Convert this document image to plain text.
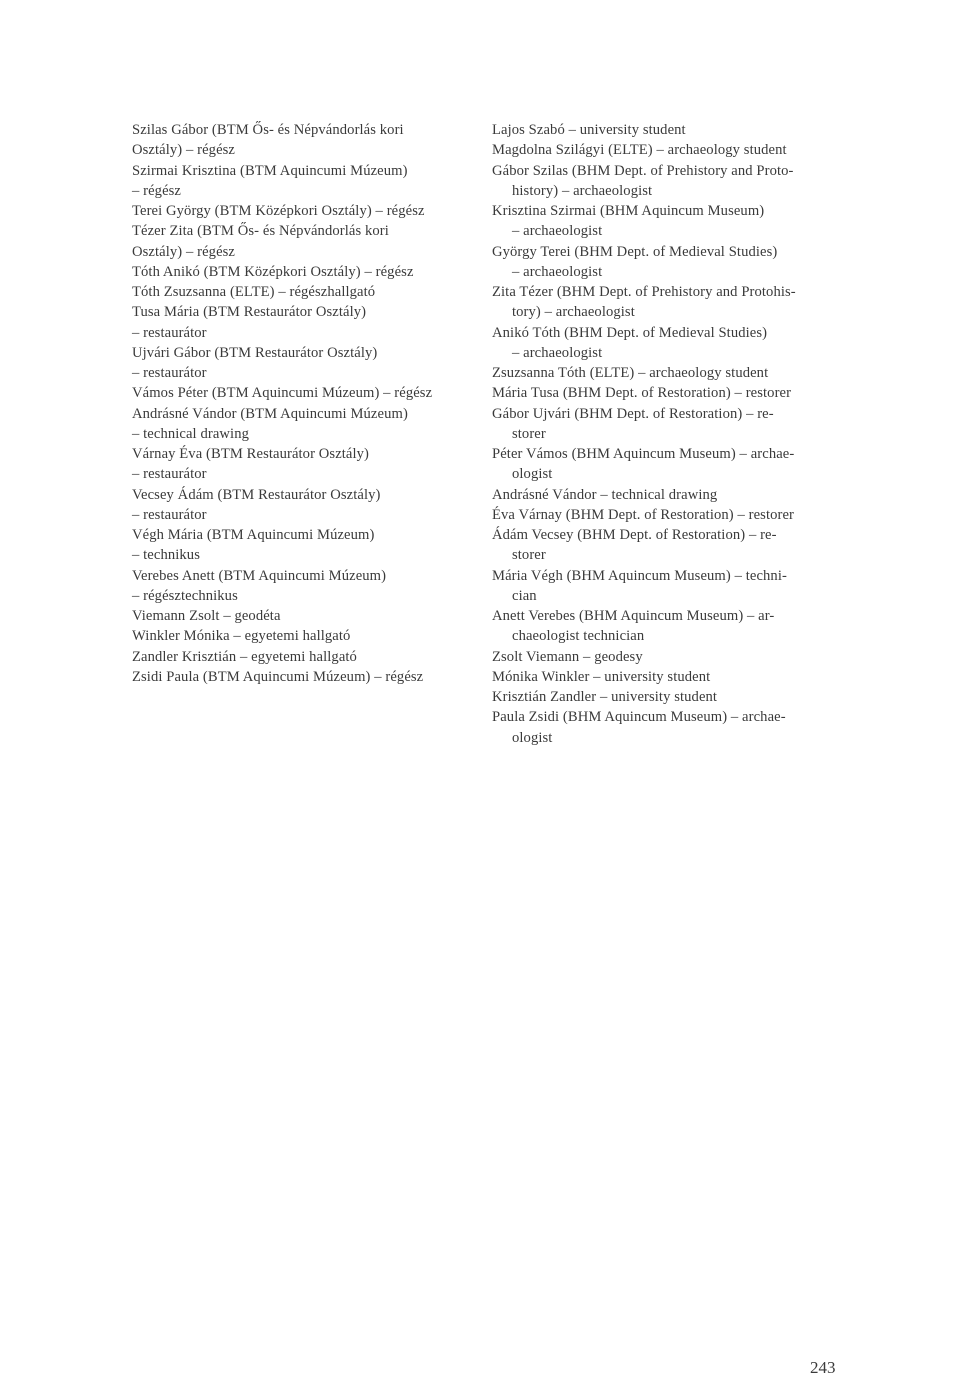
Szilas Gábor (BTM Ős- és Népvándorlás kori
Osztály) – régész
Szirmai Krisztina (BTM Aquincumi Múzeum)
– régész
Terei György (BTM Középkori Osztály) – régész
Tézer Zita (BTM Ős- és Népvándorlás kori
Osztály) – régész
Tóth Anikó (BTM Középkori Osztály) – régész
Tóth Zsuzsanna (ELTE) – régészhallgató
Tusa Mária (BTM Restaurátor Osztály)
– restaurátor
Ujvári Gábor (BTM Restaurátor Osztály)
– restaurátor
Vámos Péter (BTM Aquincumi Múzeum) – régész
Andrásné Vándor (BTM Aquincumi Múzeum)
– technical drawing
Várnay Éva (BTM Restaurátor Osztály)
– restaurátor
Vecsey Ádám (BTM Restaurátor Osztály)
– restaurátor
Végh Mária (BTM Aquincumi Múzeum)
– technikus
Verebes Anett (BTM Aquincumi Múzeum)
– régésztechnikus
Viemann Zsolt – geodéta
Winkler Mónika – egyetemi hallgató
Zandler Krisztián – egyetemi hallgató
Zsidi Paula (BTM Aquincumi Múzeum) – régész
Lajos Szabó – university student
Magdolna Szilágyi (ELTE) – archaeology student
Gábor Szilas (BHM Dept. of Prehistory and Proto-
history) – archaeologist
Krisztina Szirmai (BHM Aquincum Museum)
– archaeologist
György Terei (BHM Dept. of Medieval Studies)
– archaeologist
Zita Tézer (BHM Dept. of Prehistory and Protohis-
tory) – archaeologist
Anikó Tóth (BHM Dept. of Medieval Studies)
– archaeologist
Zsuzsanna Tóth (ELTE) – archaeology student
Mária Tusa (BHM Dept. of Restoration) – restorer
Gábor Ujvári (BHM Dept. of Restoration) – re-
storer
Péter Vámos (BHM Aquincum Museum) – archae-
ologist
Andrásné Vándor – technical drawing
Éva Várnay (BHM Dept. of Restoration) – restorer
Ádám Vecsey (BHM Dept. of Restoration) – re-
storer
Mária Végh (BHM Aquincum Museum) – techni-
cian
Anett Verebes (BHM Aquincum Museum) – ar-
chaeologist technician
Zsolt Viemann – geodesy
Mónika Winkler – university student
Krisztián Zandler – university student
Paula Zsidi (BHM Aquincum Museum) – archae-
ologist
243
